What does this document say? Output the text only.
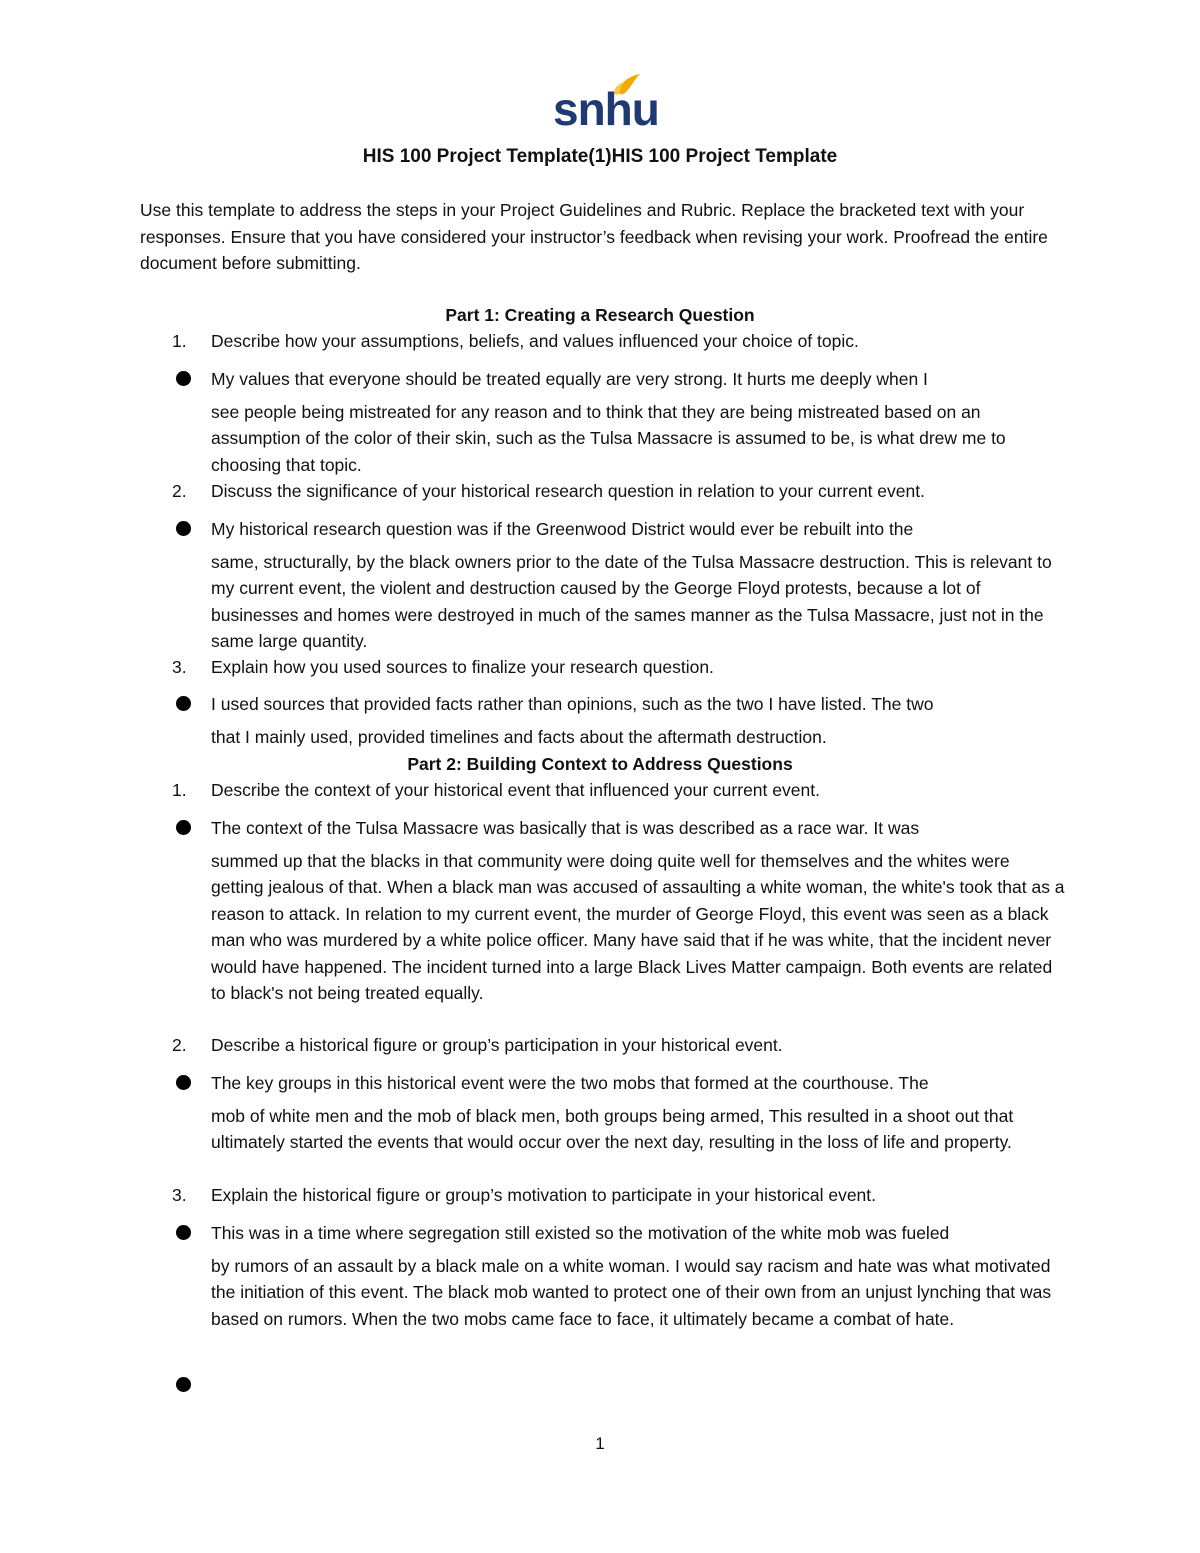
snhu
HIS 100 Project Template(1)HIS 100 Project Template
Use this template to address the steps in your Project Guidelines and Rubric. Replace the bracketed text with your responses. Ensure that you have considered your instructor’s feedback when revising your work. Proofread the entire document before submitting.
Part 1: Creating a Research Question
1.	Describe how your assumptions, beliefs, and values influenced your choice of topic.
My values that everyone should be treated equally are very strong. It hurts me deeply when I
see people being mistreated for any reason and to think that they are being mistreated based on an assumption of the color of their skin, such as the Tulsa Massacre is assumed to be, is what drew me to choosing that topic.
2.	Discuss the significance of your historical research question in relation to your current event.
My historical research question was if the Greenwood District would ever be rebuilt into the
same, structurally, by the black owners prior to the date of the Tulsa Massacre destruction. This is relevant to my current event, the violent and destruction caused by the George Floyd protests, because a lot of businesses and homes were destroyed in much of the sames manner as the Tulsa Massacre, just not in the same large quantity.
3.	Explain how you used sources to finalize your research question.
I used sources that provided facts rather than opinions, such as the two I have listed. The two
that I mainly used, provided timelines and facts about the aftermath destruction.
Part 2: Building Context to Address Questions
1.	Describe the context of your historical event that influenced your current event.
The context of the Tulsa Massacre was basically that is was described as a race war. It was
summed up that the blacks in that community were doing quite well for themselves and the whites were getting jealous of that. When a black man was accused of assaulting a white woman, the white's took that as a reason to attack. In relation to my current event, the murder of George Floyd, this event was seen as a black man who was murdered by a white police officer. Many have said that if he was white, that the incident never would have happened. The incident turned into a large Black Lives Matter campaign. Both events are related to black's not being treated equally.
2.	Describe a historical figure or group’s participation in your historical event.
The key groups in this historical event were the two mobs that formed at the courthouse. The
mob of white men and the mob of black men, both groups being armed, This resulted in a shoot out that ultimately started the events that would occur over the next day, resulting in the loss of life and property.
3.	Explain the historical figure or group’s motivation to participate in your historical event.
This was in a time where segregation still existed so the motivation of the white mob was fueled
by rumors of an assault by a black male on a white woman. I would say racism and hate was what motivated the initiation of this event. The black mob wanted to protect one of their own from an unjust lynching that was based on rumors. When the two mobs came face to face, it ultimately became a combat of hate.
1
